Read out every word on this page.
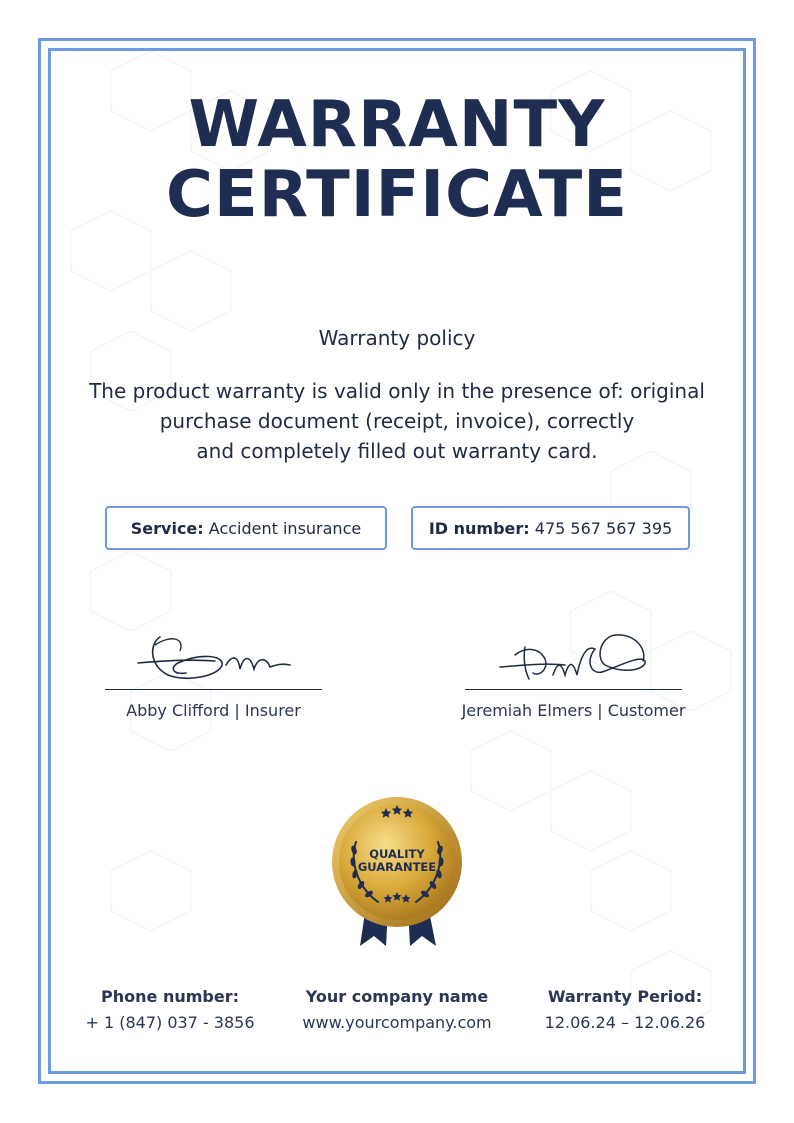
WARRANTY
CERTIFICATE
Warranty policy
The product warranty is valid only in the presence of: original
purchase document (receipt, invoice), correctly
and completely filled out warranty card.
Service:
Accident insurance	ID number:
475 567 567 395
Abby Clifford | Insurer	Jeremiah Elmers | Customer
QUALITY
GUARANTEE
Phone number:
+ 1 (847) 037 - 3856
Your company name
www.yourcompany.com
Warranty Period:
12.06.24 – 12.06.26
